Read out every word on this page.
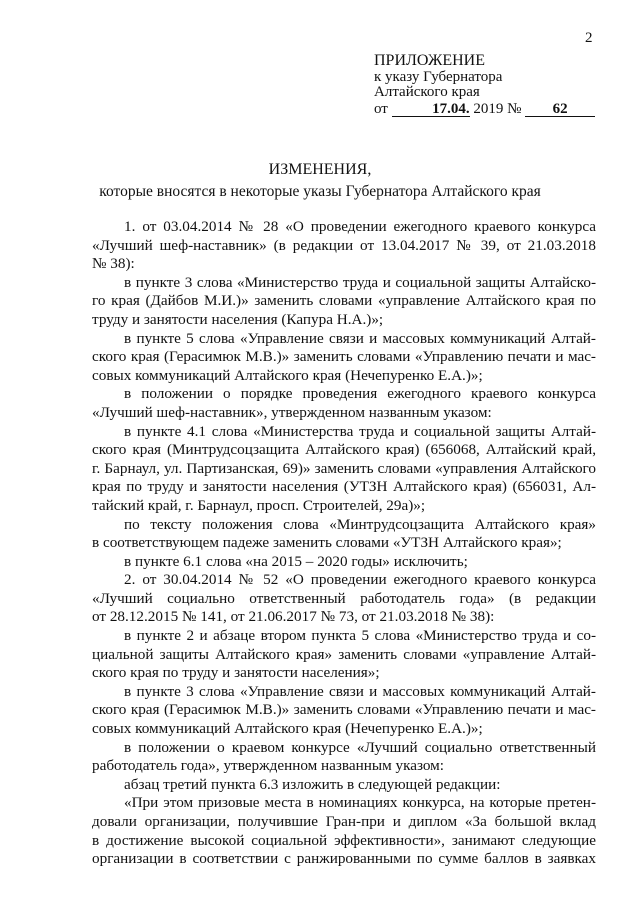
2
ПРИЛОЖЕНИЕ
к указу Губернатора
Алтайского края
от	17.04. 2019 № 62
ИЗМЕНЕНИЯ,
которые вносятся в некоторые указы Губернатора Алтайского края
1. от 03.04.2014 № 28 «О проведении ежегодного краевого конкурса
«Лучший шеф-наставник» (в редакции от 13.04.2017 № 39, от 21.03.2018
№ 38):
в пункте 3 слова «Министерство труда и социальной защиты Алтайско-
го края (Дайбов М.И.)» заменить словами «управление Алтайского края по
труду и занятости населения (Капура Н.А.)»;
в пункте 5 слова «Управление связи и массовых коммуникаций Алтай-
ского края (Герасимюк М.В.)» заменить словами «Управлению печати и мас-
совых коммуникаций Алтайского края (Нечепуренко Е.А.)»;
в положении о порядке проведения ежегодного краевого конкурса
«Лучший шеф-наставник», утвержденном названным указом:
в пункте 4.1 слова «Министерства труда и социальной защиты Алтай-
ского края (Минтрудсоцзащита Алтайского края) (656068, Алтайский край,
г. Барнаул, ул. Партизанская, 69)» заменить словами «управления Алтайского
края по труду и занятости населения (УТЗН Алтайского края) (656031, Ал-
тайский край, г. Барнаул, просп. Строителей, 29а)»;
по тексту положения слова «Минтрудсоцзащита Алтайского края»
в соответствующем падеже заменить словами «УТЗН Алтайского края»;
в пункте 6.1 слова «на 2015 – 2020 годы» исключить;
2. от 30.04.2014 № 52 «О проведении ежегодного краевого конкурса
«Лучший социально ответственный работодатель года» (в редакции
от 28.12.2015 № 141, от 21.06.2017 № 73, от 21.03.2018 № 38):
в пункте 2 и абзаце втором пункта 5 слова «Министерство труда и со-
циальной защиты Алтайского края» заменить словами «управление Алтай-
ского края по труду и занятости населения»;
в пункте 3 слова «Управление связи и массовых коммуникаций Алтай-
ского края (Герасимюк М.В.)» заменить словами «Управлению печати и мас-
совых коммуникаций Алтайского края (Нечепуренко Е.А.)»;
в положении о краевом конкурсе «Лучший социально ответственный
работодатель года», утвержденном названным указом:
абзац третий пункта 6.3 изложить в следующей редакции:
«При этом призовые места в номинациях конкурса, на которые претен-
довали организации, получившие Гран-при и диплом «За большой вклад
в достижение высокой социальной эффективности», занимают следующие
организации в соответствии с ранжированными по сумме баллов в заявках
